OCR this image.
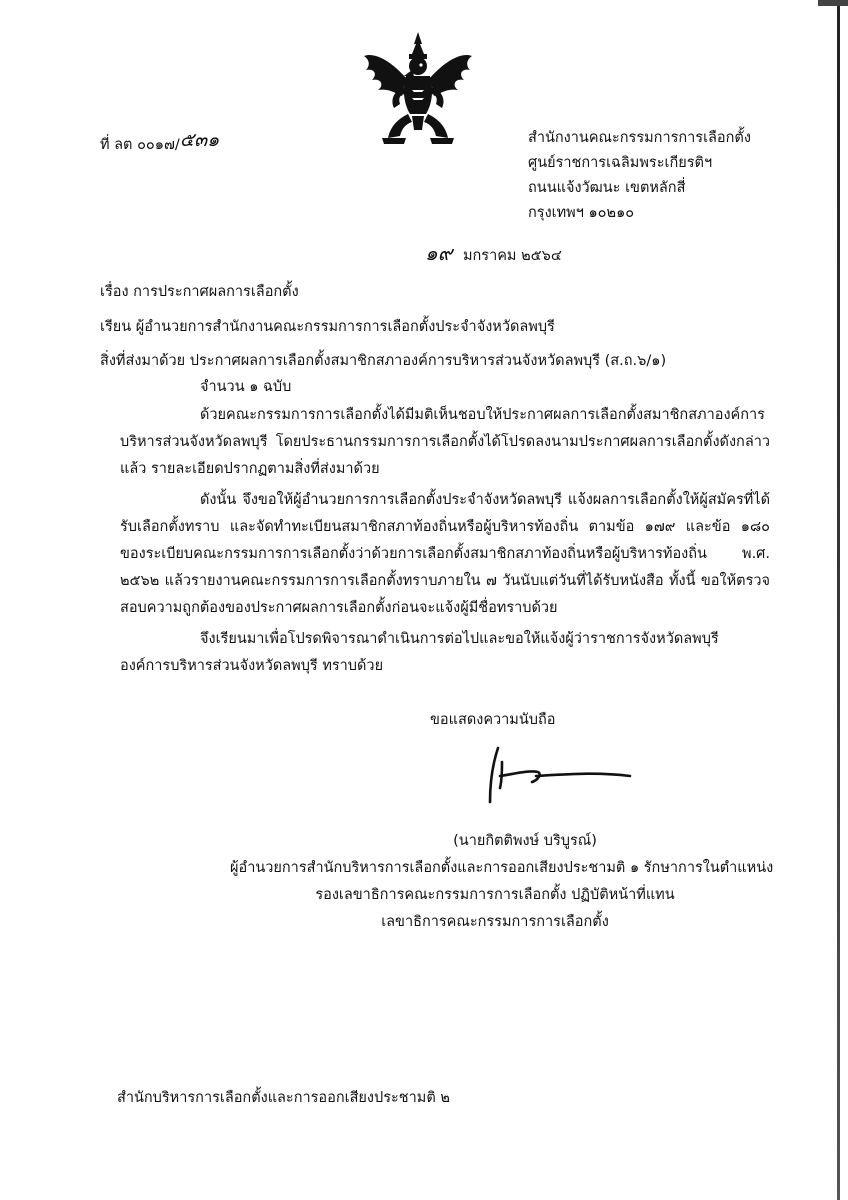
ที่ ลต ๐๐๑๗/๕๓๑	สำนักงานคณะกรรมการการเลือกตั้ง
ศูนย์ราชการเฉลิมพระเกียรติฯ
ถนนแจ้งวัฒนะ เขตหลักสี่
กรุงเทพฯ ๑๐๒๑๐
๑๙ มกราคม ๒๕๖๔
เรื่อง การประกาศผลการเลือกตั้ง
เรียน ผู้อำนวยการสำนักงานคณะกรรมการการเลือกตั้งประจำจังหวัดลพบุรี
สิ่งที่ส่งมาด้วย ประกาศผลการเลือกตั้งสมาชิกสภาองค์การบริหารส่วนจังหวัดลพบุรี (ส.ถ.๖/๑)
จำนวน ๑ ฉบับ
ด้วยคณะกรรมการการเลือกตั้งได้มีมติเห็นชอบให้ประกาศผลการเลือกตั้งสมาชิกสภาองค์การบริหารส่วนจังหวัดลพบุรี โดยประธานกรรมการการเลือกตั้งได้โปรดลงนามประกาศผลการเลือกตั้งดังกล่าวแล้ว รายละเอียดปรากฏตามสิ่งที่ส่งมาด้วย
ดังนั้น จึงขอให้ผู้อำนวยการการเลือกตั้งประจำจังหวัดลพบุรี แจ้งผลการเลือกตั้งให้ผู้สมัครที่ได้รับเลือกตั้งทราบ และจัดทำทะเบียนสมาชิกสภาท้องถิ่นหรือผู้บริหารท้องถิ่น ตามข้อ ๑๗๙ และข้อ ๑๘๐ ของระเบียบคณะกรรมการการเลือกตั้งว่าด้วยการเลือกตั้งสมาชิกสภาท้องถิ่นหรือผู้บริหารท้องถิ่น พ.ศ. ๒๕๖๒ แล้วรายงานคณะกรรมการการเลือกตั้งทราบภายใน ๗ วันนับแต่วันที่ได้รับหนังสือ ทั้งนี้ ขอให้ตรวจสอบความถูกต้องของประกาศผลการเลือกตั้งก่อนจะแจ้งผู้มีชื่อทราบด้วย
จึงเรียนมาเพื่อโปรดพิจารณาดำเนินการต่อไปและขอให้แจ้งผู้ว่าราชการจังหวัดลพบุรี องค์การบริหารส่วนจังหวัดลพบุรี ทราบด้วย
ขอแสดงความนับถือ
(นายกิตติพงษ์ บริบูรณ์)
ผู้อำนวยการสำนักบริหารการเลือกตั้งและการออกเสียงประชามติ ๑ รักษาการในตำแหน่ง
รองเลขาธิการคณะกรรมการการเลือกตั้ง ปฏิบัติหน้าที่แทน
เลขาธิการคณะกรรมการการเลือกตั้ง
สำนักบริหารการเลือกตั้งและการออกเสียงประชามติ ๒
